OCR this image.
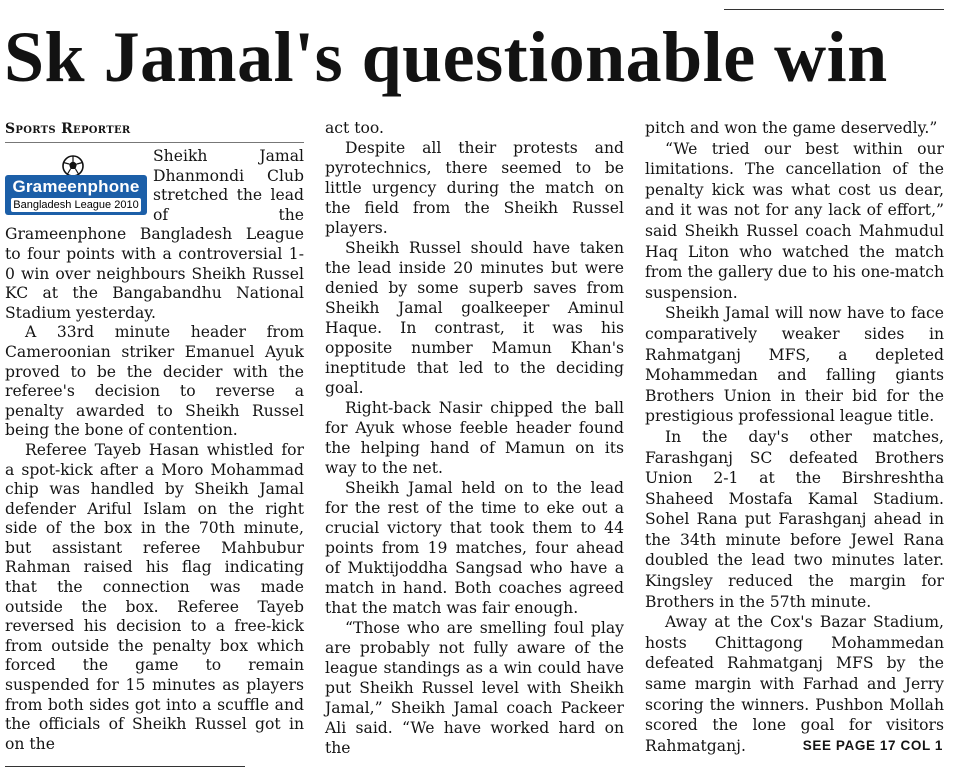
Sk Jamal's questionable win
Sports Reporter
Grameenphone
Bangladesh League 2010

Sheikh Jamal Dhanmondi Club stretched the lead of the Grameenphone Bangladesh League to four points with a controversial 1-0 win over neighbours Sheikh Russel KC at the Bangabandhu National Stadium yesterday.

A 33rd minute header from Cameroonian striker Emanuel Ayuk proved to be the decider with the referee's decision to reverse a penalty awarded to Sheikh Russel being the bone of contention.

Referee Tayeb Hasan whistled for a spot-kick after a Moro Mohammad chip was handled by Sheikh Jamal defender Ariful Islam on the right side of the box in the 70th minute, but assistant referee Mahbubur Rahman raised his flag indicating that the connection was made outside the box. Referee Tayeb reversed his decision to a free-kick from outside the penalty box which forced the game to remain suspended for 15 minutes as players from both sides got into a scuffle and the officials of Sheikh Russel got in on the

act too.

Despite all their protests and pyrotechnics, there seemed to be little urgency during the match on the field from the Sheikh Russel players.

Sheikh Russel should have taken the lead inside 20 minutes but were denied by some superb saves from Sheikh Jamal goalkeeper Aminul Haque. In contrast, it was his opposite number Mamun Khan's ineptitude that led to the deciding goal.

Right-back Nasir chipped the ball for Ayuk whose feeble header found the helping hand of Mamun on its way to the net.

Sheikh Jamal held on to the lead for the rest of the time to eke out a crucial victory that took them to 44 points from 19 matches, four ahead of Muktijoddha Sangsad who have a match in hand. Both coaches agreed that the match was fair enough.

“Those who are smelling foul play are probably not fully aware of the league standings as a win could have put Sheikh Russel level with Sheikh Jamal,” Sheikh Jamal coach Packeer Ali said. “We have worked hard on the

pitch and won the game deservedly.”

“We tried our best within our limitations. The cancellation of the penalty kick was what cost us dear, and it was not for any lack of effort,” said Sheikh Russel coach Mahmudul Haq Liton who watched the match from the gallery due to his one-match suspension.

Sheikh Jamal will now have to face comparatively weaker sides in Rahmatganj MFS, a depleted Mohammedan and falling giants Brothers Union in their bid for the prestigious professional league title.

In the day's other matches, Farashganj SC defeated Brothers Union 2-1 at the Birshreshtha Shaheed Mostafa Kamal Stadium. Sohel Rana put Farashganj ahead in the 34th minute before Jewel Rana doubled the lead two minutes later. Kingsley reduced the margin for Brothers in the 57th minute.

Away at the Cox's Bazar Stadium, hosts Chittagong Mohammedan defeated Rahmatganj MFS by the same margin with Farhad and Jerry scoring the winners. Pushbon Mollah scored the lone goal for visitors Rahmatganj.	SEE PAGE 17 COL 1
